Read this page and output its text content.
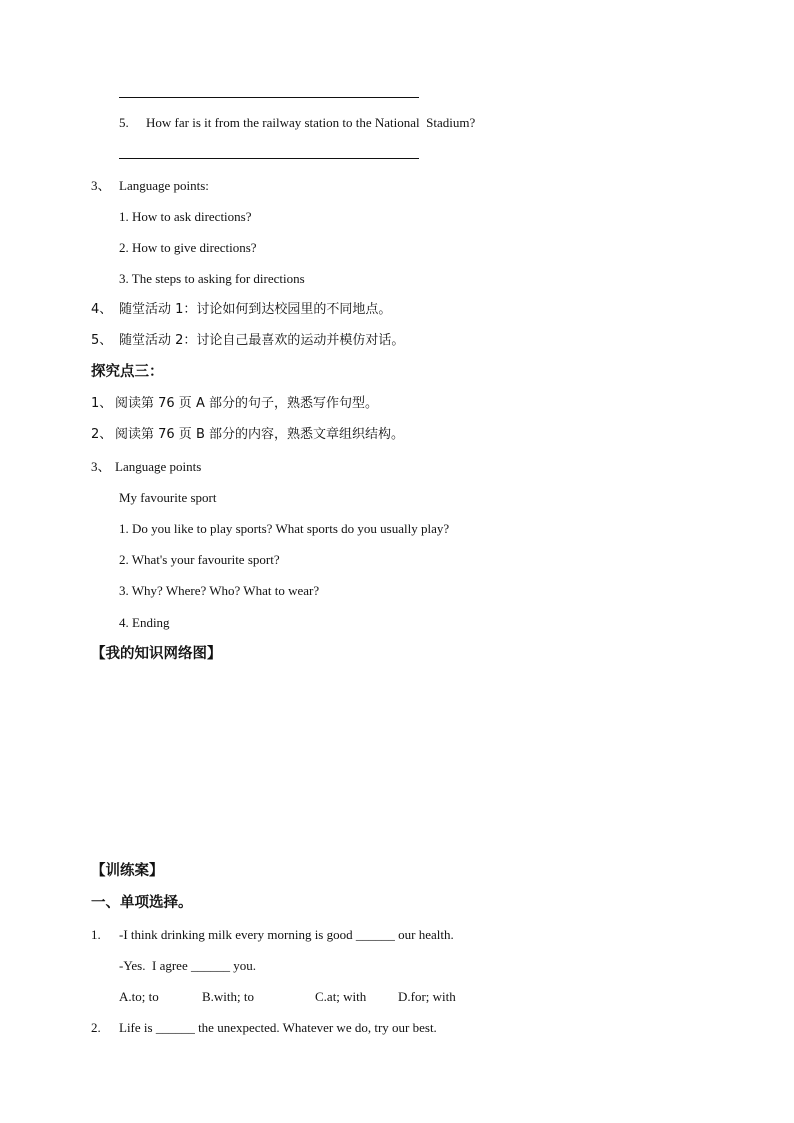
5. How far is it from the railway station to the National  Stadium?
3、 Language points:
1. How to ask directions?
2. How to give directions?
3. The steps to asking for directions
4、 随堂活动 1：讨论如何到达校园里的不同地点。
5、 随堂活动 2：讨论自己最喜欢的运动并模仿对话。
探究点三：
1、 阅读第 76 页 A 部分的句子，熟悉写作句型。
2、 阅读第 76 页 B 部分的内容，熟悉文章组织结构。
3、 Language points
My favourite sport
1. Do you like to play sports? What sports do you usually play?
2. What's your favourite sport?
3. Why? Where? Who? What to wear?
4. Ending
【我的知识网络图】
【训练案】
一、单项选择。
1. -I think drinking milk every morning is good ______ our health.
-Yes.  I agree ______ you.
A.to; to	B.with; to	C.at; with D.for; with
2. Life is ______ the unexpected. Whatever we do, try our best.
